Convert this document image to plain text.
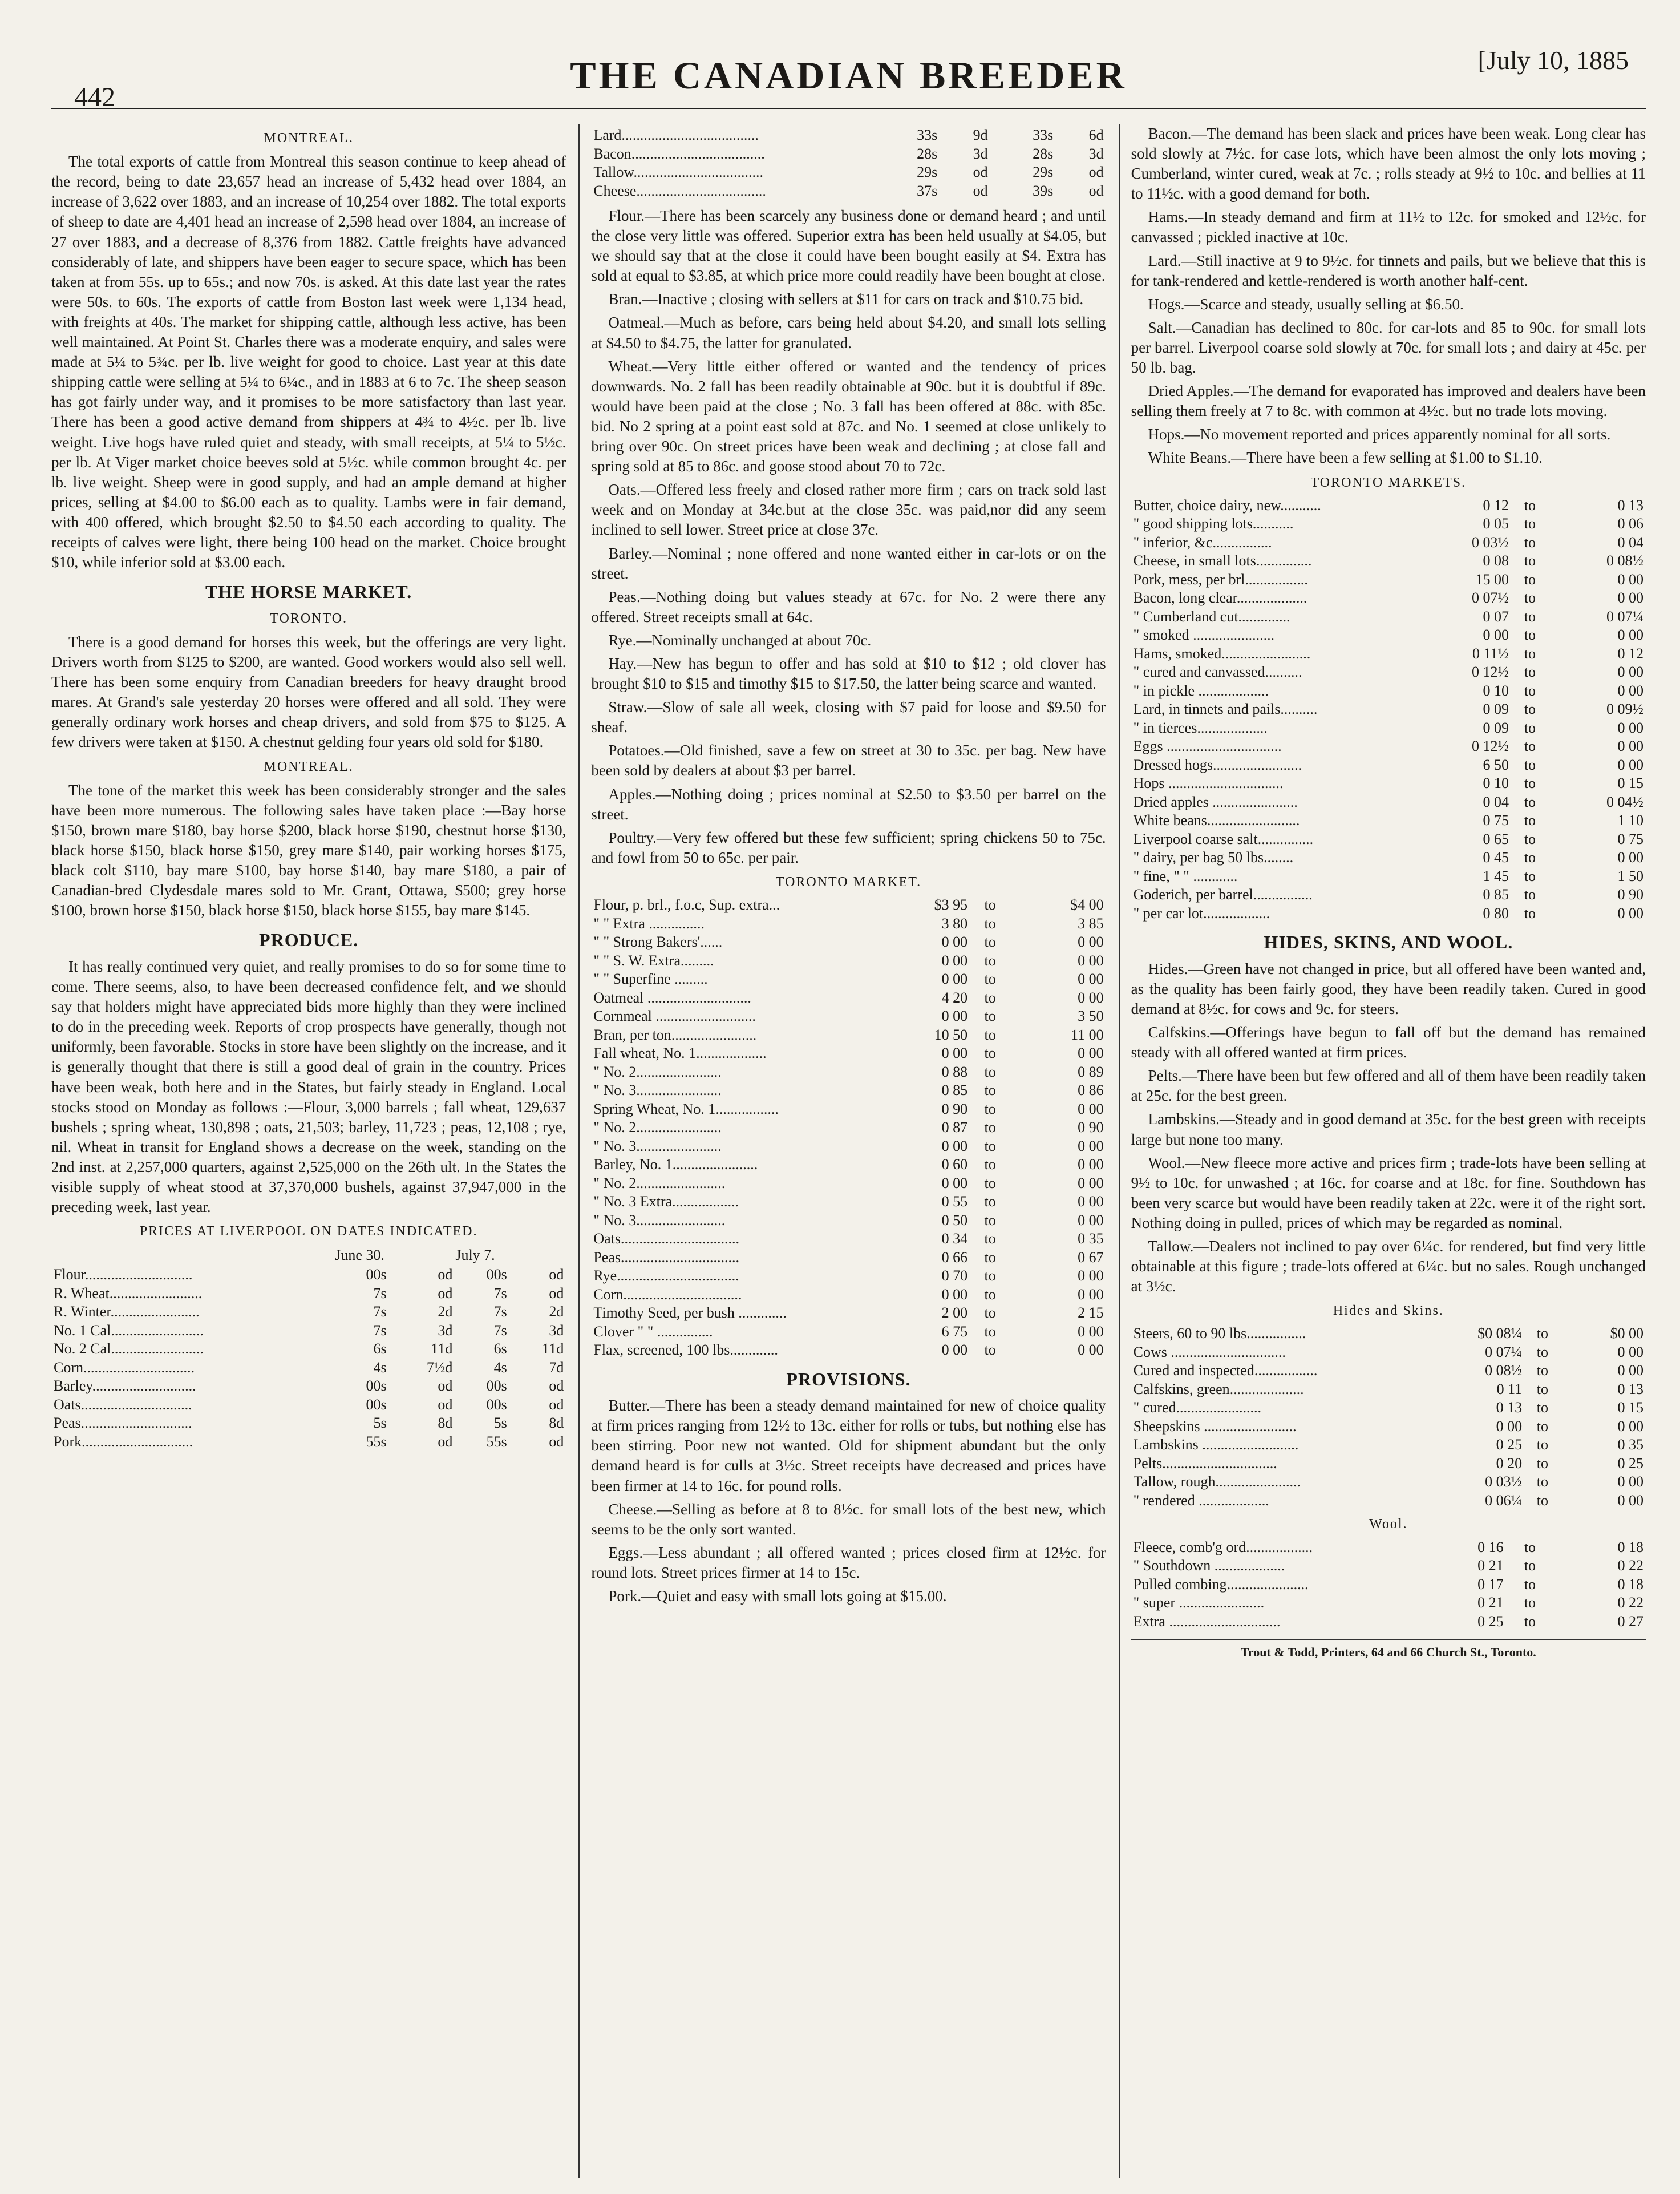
442
THE CANADIAN BREEDER	[July 10, 1885
MONTREAL.

The total exports of cattle from Montreal this season continue to keep ahead of the record, being to date 23,657 head an increase of 5,432 head over 1884, an increase of 3,622 over 1883, and an increase of 10,254 over 1882. The total exports of sheep to date are 4,401 head an increase of 2,598 head over 1884, an increase of 27 over 1883, and a decrease of 8,376 from 1882. Cattle freights have advanced considerably of late, and shippers have been eager to secure space, which has been taken at from 55s. up to 65s.; and now 70s. is asked. At this date last year the rates were 50s. to 60s. The exports of cattle from Boston last week were 1,134 head, with freights at 40s. The market for shipping cattle, although less active, has been well maintained. At Point St. Charles there was a moderate enquiry, and sales were made at 5¼ to 5¾c. per lb. live weight for good to choice. Last year at this date shipping cattle were selling at 5¼ to 6¼c., and in 1883 at 6 to 7c. The sheep season has got fairly under way, and it promises to be more satisfactory than last year. There has been a good active demand from shippers at 4¾ to 4½c. per lb. live weight. Live hogs have ruled quiet and steady, with small receipts, at 5¼ to 5½c. per lb. At Viger market choice beeves sold at 5½c. while common brought 4c. per lb. live weight. Sheep were in good supply, and had an ample demand at higher prices, selling at $4.00 to $6.00 each as to quality. Lambs were in fair demand, with 400 offered, which brought $2.50 to $4.50 each according to quality. The receipts of calves were light, there being 100 head on the market. Choice brought $10, while inferior sold at $3.00 each.

THE HORSE MARKET.
TORONTO.

There is a good demand for horses this week, but the offerings are very light. Drivers worth from $125 to $200, are wanted. Good workers would also sell well. There has been some enquiry from Canadian breeders for heavy draught brood mares. At Grand's sale yesterday 20 horses were offered and all sold. They were generally ordinary work horses and cheap drivers, and sold from $75 to $125. A few drivers were taken at $150. A chestnut gelding four years old sold for $180.

MONTREAL.

The tone of the market this week has been considerably stronger and the sales have been more numerous. The following sales have taken place :—Bay horse $150, brown mare $180, bay horse $200, black horse $190, chestnut horse $130, black horse $150, black horse $150, grey mare $140, pair working horses $175, black colt $110, bay mare $100, bay horse $140, bay mare $180, a pair of Canadian-bred Clydesdale mares sold to Mr. Grant, Ottawa, $500; grey horse $100, brown horse $150, black horse $150, black horse $155, bay mare $145.

PRODUCE.

It has really continued very quiet, and really promises to do so for some time to come. There seems, also, to have been decreased confidence felt, and we should say that holders might have appreciated bids more highly than they were inclined to do in the preceding week. Reports of crop prospects have generally, though not uniformly, been favorable. Stocks in store have been slightly on the increase, and it is generally thought that there is still a good deal of grain in the country. Prices have been weak, both here and in the States, but fairly steady in England. Local stocks stood on Monday as follows :—Flour, 3,000 barrels ; fall wheat, 129,637 bushels ; spring wheat, 130,898 ; oats, 21,503; barley, 11,723 ; peas, 12,108 ; rye, nil. Wheat in transit for England shows a decrease on the week, standing on the 2nd inst. at 2,257,000 quarters, against 2,525,000 on the 26th ult. In the States the visible supply of wheat stood at 37,370,000 bushels, against 37,947,000 in the preceding week, last year.

PRICES AT LIVERPOOL ON DATES INDICATED.
	June 30.		July 7.	
Flour.............................	00s	od	00s	od
R. Wheat.........................	7s	od	7s	od
R. Winter........................	7s	2d	7s	2d
No. 1 Cal.........................	7s	3d	7s	3d
No. 2 Cal.........................	6s	11d	6s	11d
Corn..............................	4s	7½d	4s	7d
Barley............................	00s	od	00s	od
Oats..............................	00s	od	00s	od
Peas..............................	5s	8d	5s	8d
Pork..............................	55s	od	55s	od
Lard.....................................	33s	9d	33s	6d
Bacon....................................	28s	3d	28s	3d
Tallow...................................	29s	od	29s	od
Cheese...................................	37s	od	39s	od

Flour.—There has been scarcely any business done or demand heard ; and until the close very little was offered. Superior extra has been held usually at $4.05, but we should say that at the close it could have been bought easily at $4. Extra has sold at equal to $3.85, at which price more could readily have been bought at close.

Bran.—Inactive ; closing with sellers at $11 for cars on track and $10.75 bid.

Oatmeal.—Much as before, cars being held about $4.20, and small lots selling at $4.50 to $4.75, the latter for granulated.

Wheat.—Very little either offered or wanted and the tendency of prices downwards. No. 2 fall has been readily obtainable at 90c. but it is doubtful if 89c. would have been paid at the close ; No. 3 fall has been offered at 88c. with 85c. bid. No 2 spring at a point east sold at 87c. and No. 1 seemed at close unlikely to bring over 90c. On street prices have been weak and declining ; at close fall and spring sold at 85 to 86c. and goose stood about 70 to 72c.

Oats.—Offered less freely and closed rather more firm ; cars on track sold last week and on Monday at 34c.but at the close 35c. was paid,nor did any seem inclined to sell lower. Street price at close 37c.

Barley.—Nominal ; none offered and none wanted either in car-lots or on the street.

Peas.—Nothing doing but values steady at 67c. for No. 2 were there any offered. Street receipts small at 64c.

Rye.—Nominally unchanged at about 70c.

Hay.—New has begun to offer and has sold at $10 to $12 ; old clover has brought $10 to $15 and timothy $15 to $17.50, the latter being scarce and wanted.

Straw.—Slow of sale all week, closing with $7 paid for loose and $9.50 for sheaf.

Potatoes.—Old finished, save a few on street at 30 to 35c. per bag. New have been sold by dealers at about $3 per barrel.

Apples.—Nothing doing ; prices nominal at $2.50 to $3.50 per barrel on the street.

Poultry.—Very few offered but these few sufficient; spring chickens 50 to 75c. and fowl from 50 to 65c. per pair.

TORONTO MARKET.
Flour, p. brl., f.o.c, Sup. extra...	$3 95	to	$4 00
" " Extra ...............	3 80	to	3 85
" " Strong Bakers'......	0 00	to	0 00
" " S. W. Extra.........	0 00	to	0 00
" " Superfine .........	0 00	to	0 00
Oatmeal ............................	4 20	to	0 00
Cornmeal ...........................	0 00	to	3 50
Bran, per ton.......................	10 50	to	11 00
Fall wheat, No. 1...................	0 00	to	0 00
" No. 2.......................	0 88	to	0 89
" No. 3.......................	0 85	to	0 86
Spring Wheat, No. 1.................	0 90	to	0 00
" No. 2.......................	0 87	to	0 90
" No. 3.......................	0 00	to	0 00
Barley, No. 1.......................	0 60	to	0 00
" No. 2........................	0 00	to	0 00
" No. 3 Extra..................	0 55	to	0 00
" No. 3........................	0 50	to	0 00
Oats................................	0 34	to	0 35
Peas................................	0 66	to	0 67
Rye.................................	0 70	to	0 00
Corn................................	0 00	to	0 00
Timothy Seed, per bush .............	2 00	to	2 15
Clover " " ...............	6 75	to	0 00
Flax, screened, 100 lbs.............	0 00	to	0 00
PROVISIONS.

Butter.—There has been a steady demand maintained for new of choice quality at firm prices ranging from 12½ to 13c. either for rolls or tubs, but nothing else has been stirring. Poor new not wanted. Old for shipment abundant but the only demand heard is for culls at 3½c. Street receipts have decreased and prices have been firmer at 14 to 16c. for pound rolls.

Cheese.—Selling as before at 8 to 8½c. for small lots of the best new, which seems to be the only sort wanted.

Eggs.—Less abundant ; all offered wanted ; prices closed firm at 12½c. for round lots. Street prices firmer at 14 to 15c.

Pork.—Quiet and easy with small lots going at $15.00.

Bacon.—The demand has been slack and prices have been weak. Long clear has sold slowly at 7½c. for case lots, which have been almost the only lots moving ; Cumberland, winter cured, weak at 7c. ; rolls steady at 9½ to 10c. and bellies at 11 to 11½c. with a good demand for both.

Hams.—In steady demand and firm at 11½ to 12c. for smoked and 12½c. for canvassed ; pickled inactive at 10c.

Lard.—Still inactive at 9 to 9½c. for tinnets and pails, but we believe that this is for tank-rendered and kettle-rendered is worth another half-cent.

Hogs.—Scarce and steady, usually selling at $6.50.

Salt.—Canadian has declined to 80c. for car-lots and 85 to 90c. for small lots per barrel. Liverpool coarse sold slowly at 70c. for small lots ; and dairy at 45c. per 50 lb. bag.

Dried Apples.—The demand for evaporated has improved and dealers have been selling them freely at 7 to 8c. with common at 4½c. but no trade lots moving.

Hops.—No movement reported and prices apparently nominal for all sorts.

White Beans.—There have been a few selling at $1.00 to $1.10.

TORONTO MARKETS.
Butter, choice dairy, new...........	0 12	to	0 13
" good shipping lots...........	0 05	to	0 06
" inferior, &c................	0 03½	to	0 04
Cheese, in small lots...............	0 08	to	0 08½
Pork, mess, per brl.................	15 00	to	0 00
Bacon, long clear...................	0 07½	to	0 00
" Cumberland cut..............	0 07	to	0 07¼
" smoked ......................	0 00	to	0 00
Hams, smoked........................	0 11½	to	0 12
" cured and canvassed..........	0 12½	to	0 00
" in pickle ...................	0 10	to	0 00
Lard, in tinnets and pails..........	0 09	to	0 09½
" in tierces...................	0 09	to	0 00
Eggs ...............................	0 12½	to	0 00
Dressed hogs........................	6 50	to	0 00
Hops ...............................	0 10	to	0 15
Dried apples .......................	0 04	to	0 04½
White beans.........................	0 75	to	1 10
Liverpool coarse salt...............	0 65	to	0 75
" dairy, per bag 50 lbs........	0 45	to	0 00
" fine, " " ............	1 45	to	1 50
Goderich, per barrel................	0 85	to	0 90
" per car lot..................	0 80	to	0 00
HIDES, SKINS, AND WOOL.

Hides.—Green have not changed in price, but all offered have been wanted and, as the quality has been fairly good, they have been readily taken. Cured in good demand at 8½c. for cows and 9c. for steers.

Calfskins.—Offerings have begun to fall off but the demand has remained steady with all offered wanted at firm prices.

Pelts.—There have been but few offered and all of them have been readily taken at 25c. for the best green.

Lambskins.—Steady and in good demand at 35c. for the best green with receipts large but none too many.

Wool.—New fleece more active and prices firm ; trade-lots have been selling at 9½ to 10c. for unwashed ; at 16c. for coarse and at 18c. for fine. Southdown has been very scarce but would have been readily taken at 22c. were it of the right sort. Nothing doing in pulled, prices of which may be regarded as nominal.

Tallow.—Dealers not inclined to pay over 6¼c. for rendered, but find very little obtainable at this figure ; trade-lots offered at 6¼c. but no sales. Rough unchanged at 3½c.

Hides and Skins.
Steers, 60 to 90 lbs................	$0 08¼	to	$0 00
Cows ...............................	0 07¼	to	0 00
Cured and inspected.................	0 08½	to	0 00
Calfskins, green....................	0 11	to	0 13
" cured.......................	0 13	to	0 15
Sheepskins .........................	0 00	to	0 00
Lambskins ..........................	0 25	to	0 35
Pelts...............................	0 20	to	0 25
Tallow, rough.......................	0 03½	to	0 00
" rendered ...................	0 06¼	to	0 00
Wool.
Fleece, comb'g ord..................	0 16	to	0 18
" Southdown ...................	0 21	to	0 22
Pulled combing......................	0 17	to	0 18
" super .......................	0 21	to	0 22
Extra ..............................	0 25	to	0 27
Trout & Todd, Printers, 64 and 66 Church St., Toronto.
